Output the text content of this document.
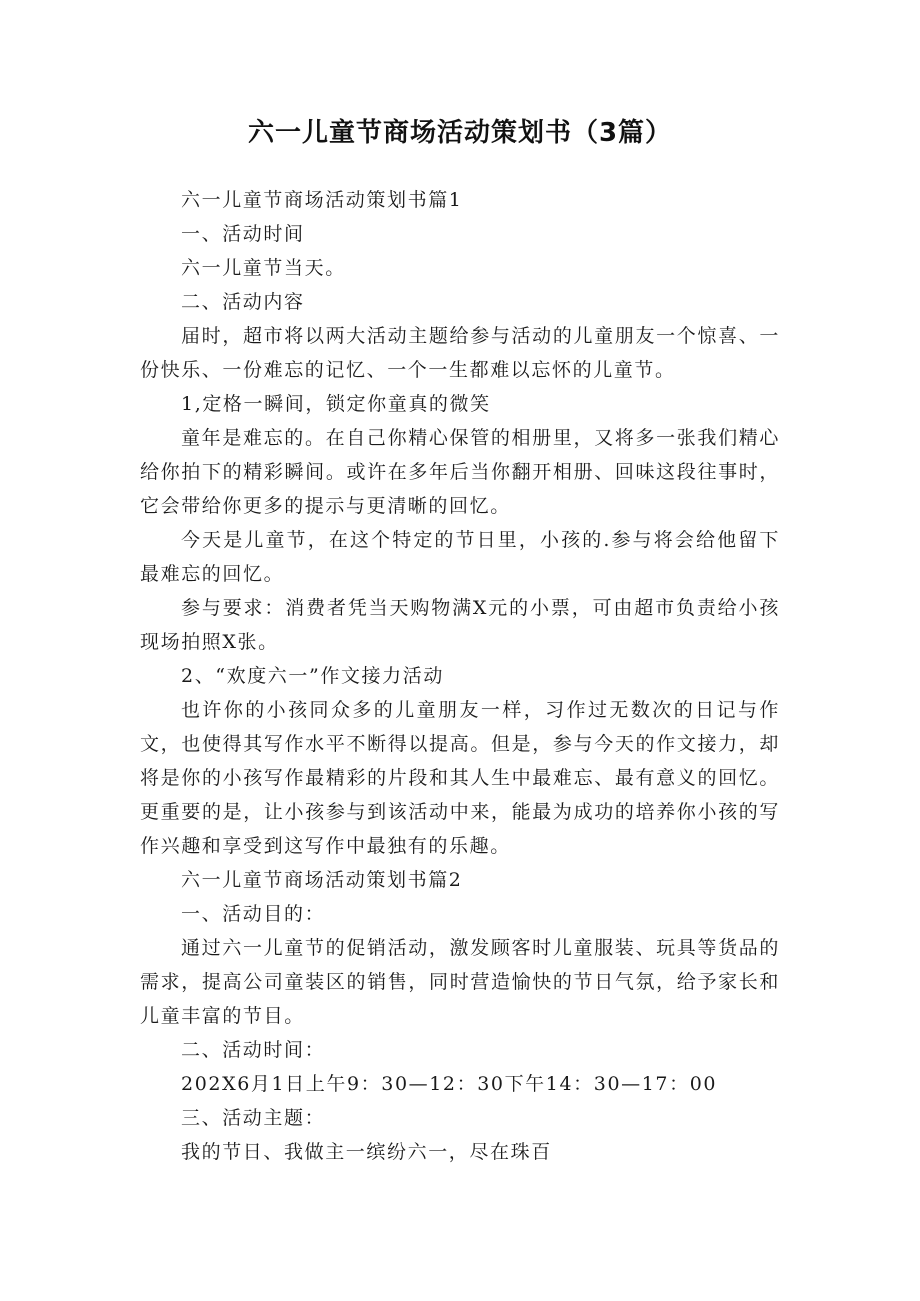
六一儿童节商场活动策划书（3篇）

六一儿童节商场活动策划书篇1

一、活动时间

六一儿童节当天。

二、活动内容

届时，超市将以两大活动主题给参与活动的儿童朋友一个惊喜、一份快乐、一份难忘的记忆、一个一生都难以忘怀的儿童节。

1,定格一瞬间，锁定你童真的微笑

童年是难忘的。在自己你精心保管的相册里，又将多一张我们精心给你拍下的精彩瞬间。或许在多年后当你翻开相册、回味这段往事时，它会带给你更多的提示与更清晰的回忆。

今天是儿童节，在这个特定的节日里，小孩的.参与将会给他留下最难忘的回忆。

参与要求：消费者凭当天购物满X元的小票，可由超市负责给小孩现场拍照X张。

2、“欢度六一”作文接力活动

也许你的小孩同众多的儿童朋友一样，习作过无数次的日记与作文，也使得其写作水平不断得以提高。但是，参与今天的作文接力，却将是你的小孩写作最精彩的片段和其人生中最难忘、最有意义的回忆。更重要的是，让小孩参与到该活动中来，能最为成功的培养你小孩的写作兴趣和享受到这写作中最独有的乐趣。

六一儿童节商场活动策划书篇2

一、活动目的：

通过六一儿童节的促销活动，激发顾客时儿童服装、玩具等货品的需求，提高公司童装区的销售，同时营造愉快的节日气氛，给予家长和儿童丰富的节目。

二、活动时间：

202X6月1日上午9：30—12：30下午14：30—17：00

三、活动主题：

我的节日、我做主一缤纷六一，尽在珠百
